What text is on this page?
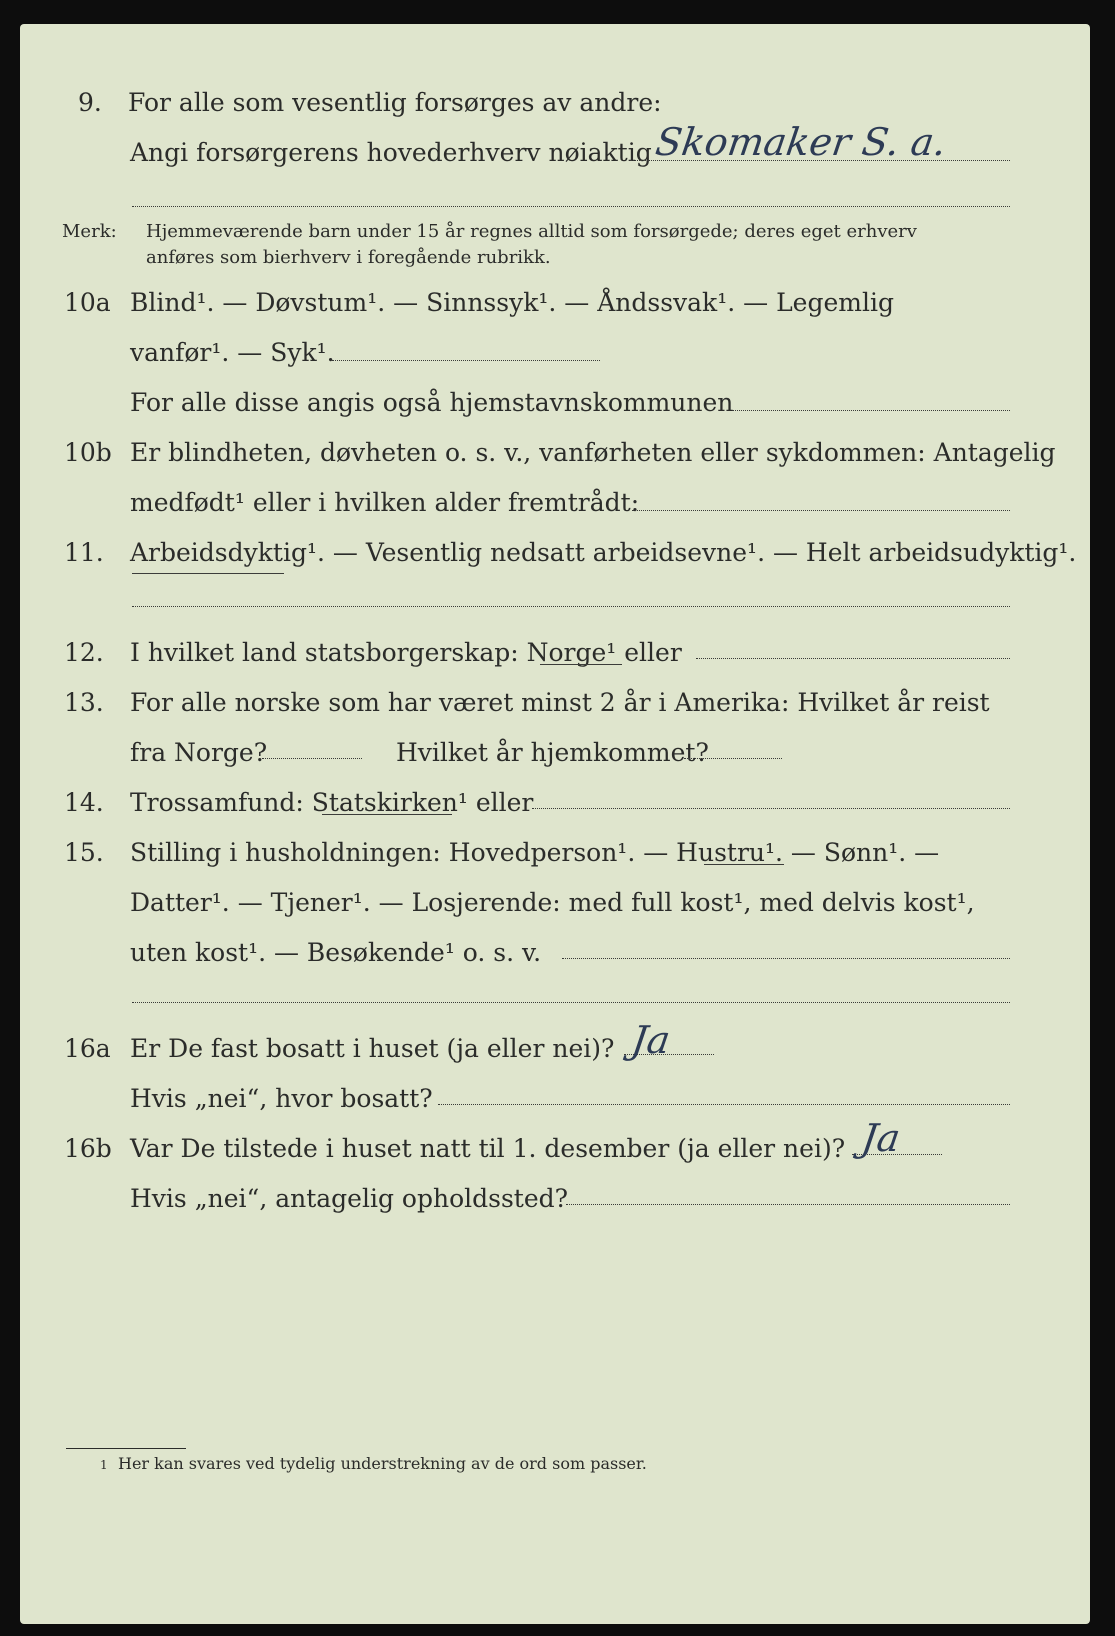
9. For alle som vesentlig forsørges av andre:
Angi forsørgerens hovederhverv nøiaktig Skomaker S. a.
Merk: Hjemmeværende barn under 15 år regnes alltid som forsørgede; deres eget erhverv
anføres som bierhverv i foregående rubrikk.
10a Blind¹. — Døvstum¹. — Sinnssyk¹. — Åndssvak¹. — Legemlig
vanfør¹. — Syk¹.
For alle disse angis også hjemstavnskommunen
10b Er blindheten, døvheten o. s. v., vanførheten eller sykdommen: Antagelig
medfødt¹ eller i hvilken alder fremtrådt:
11. Arbeidsdyktig¹. — Vesentlig nedsatt arbeidsevne¹. — Helt arbeidsudyktig¹.
12. I hvilket land statsborgerskap: Norge¹ eller
13. For alle norske som har været minst 2 år i Amerika: Hvilket år reist
fra Norge?	Hvilket år hjemkommet?
14. Trossamfund: Statskirken¹ eller
15. Stilling i husholdningen: Hovedperson¹. — Hustru¹. — Sønn¹. —
Datter¹. — Tjener¹. — Losjerende: med full kost¹, med delvis kost¹,
uten kost¹. — Besøkende¹ o. s. v.
16a Er De fast bosatt i huset (ja eller nei)? Ja
Hvis „nei“, hvor bosatt?
16b Var De tilstede i huset natt til 1. desember (ja eller nei)? Ja
Hvis „nei“, antagelig opholdssted?
1 Her kan svares ved tydelig understrekning av de ord som passer.
